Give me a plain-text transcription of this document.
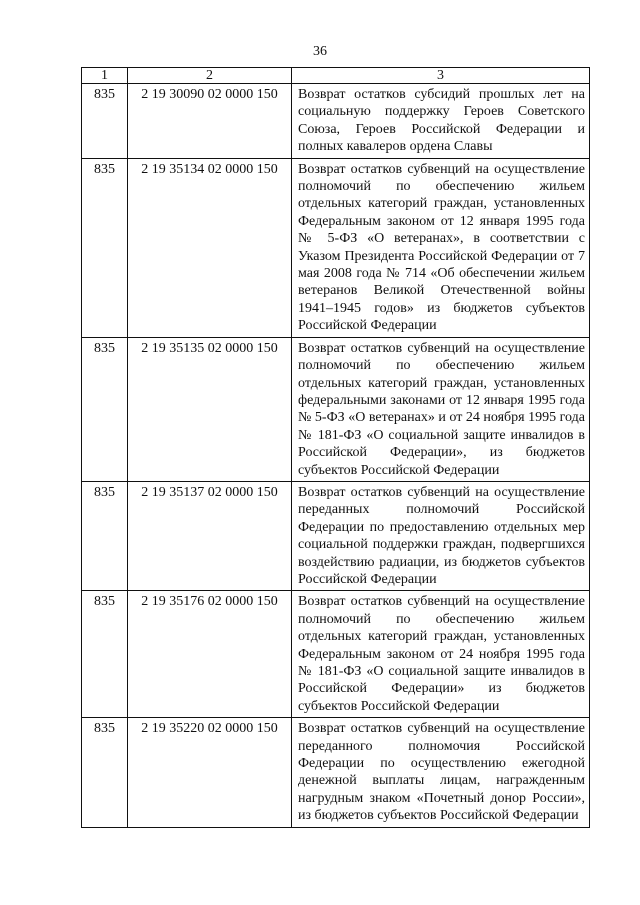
36
1	2	3
835	2 19 30090 02 0000 150	Возврат остатков субсидий прошлых лет на социальную поддержку Героев Советского Союза, Героев Российской Федерации и полных кавалеров ордена Славы
835	2 19 35134 02 0000 150	Возврат остатков субвенций на осуществление полномочий по обеспечению жильем отдельных категорий граждан, установленных Федеральным законом от 12 января 1995 года № 5-ФЗ «О ветеранах», в соответствии с Указом Президента Российской Федерации от 7 мая 2008 года № 714 «Об обеспечении жильем ветеранов Великой Отечественной войны 1941–1945 годов» из бюджетов субъектов Российской Федерации
835	2 19 35135 02 0000 150	Возврат остатков субвенций на осуществление полномочий по обеспечению жильем отдельных категорий граждан, установленных федеральными законами от 12 января 1995 года № 5-ФЗ «О ветеранах» и от 24 ноября 1995 года № 181-ФЗ «О социальной защите инвалидов в Российской Федерации», из бюджетов субъектов Российской Федерации
835	2 19 35137 02 0000 150	Возврат остатков субвенций на осуществление переданных полномочий Российской Федерации по предоставлению отдельных мер социальной поддержки граждан, подвергшихся воздействию радиации, из бюджетов субъектов Российской Федерации
835	2 19 35176 02 0000 150	Возврат остатков субвенций на осуществление полномочий по обеспечению жильем отдельных категорий граждан, установленных Федеральным законом от 24 ноября 1995 года № 181-ФЗ «О социальной защите инвалидов в Российской Федерации» из бюджетов субъектов Российской Федерации
835	2 19 35220 02 0000 150	Возврат остатков субвенций на осуществление переданного полномочия Российской Федерации по осуществлению ежегодной денежной выплаты лицам, награжденным нагрудным знаком «Почетный донор России», из бюджетов субъектов Российской Федерации
